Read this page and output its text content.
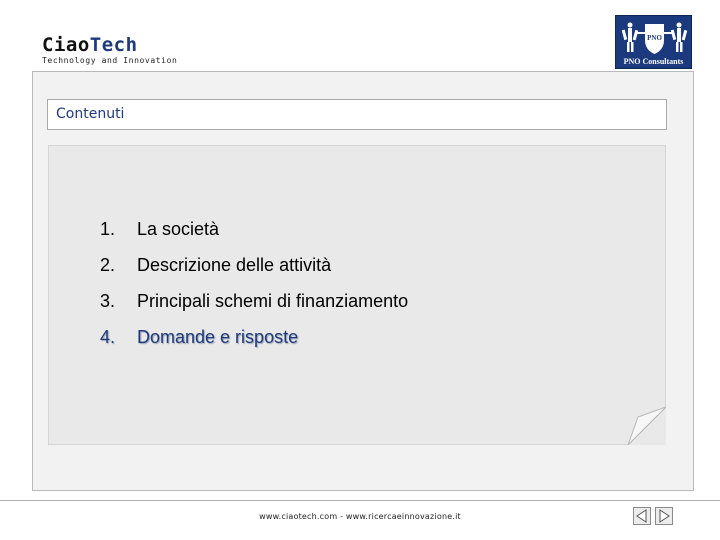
CiaoTech
Technology and Innovation
PNO
PNO Consultants
Contenuti
1. La società
2. Descrizione delle attività
3. Principali schemi di finanziamento
4. Domande e risposte
www.ciaotech.com - www.ricercaeinnovazione.it
